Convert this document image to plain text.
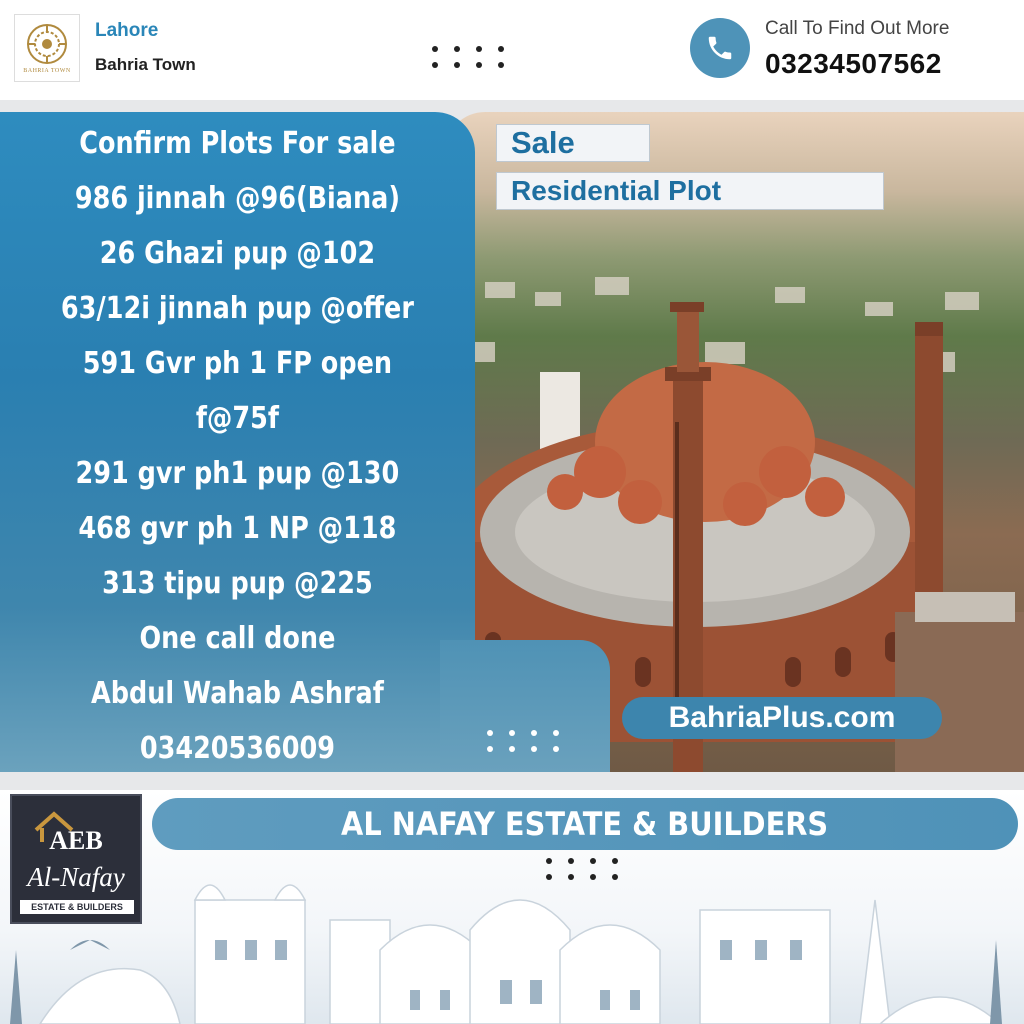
BAHRIA TOWN
Lahore
Bahria Town
Call To Find Out More
03234507562
Confirm Plots For sale
986 jinnah @96(Biana)
26 Ghazi pup @102
63/12i jinnah pup @offer
591 Gvr ph 1 FP open
f@75f
291 gvr ph1 pup @130
468 gvr ph 1 NP @118
313 tipu pup @225
One call done
Abdul Wahab Ashraf
03420536009
Sale
Residential Plot
BahriaPlus.com
AEB
Al-Nafay
ESTATE & BUILDERS
AL NAFAY ESTATE & BUILDERS
